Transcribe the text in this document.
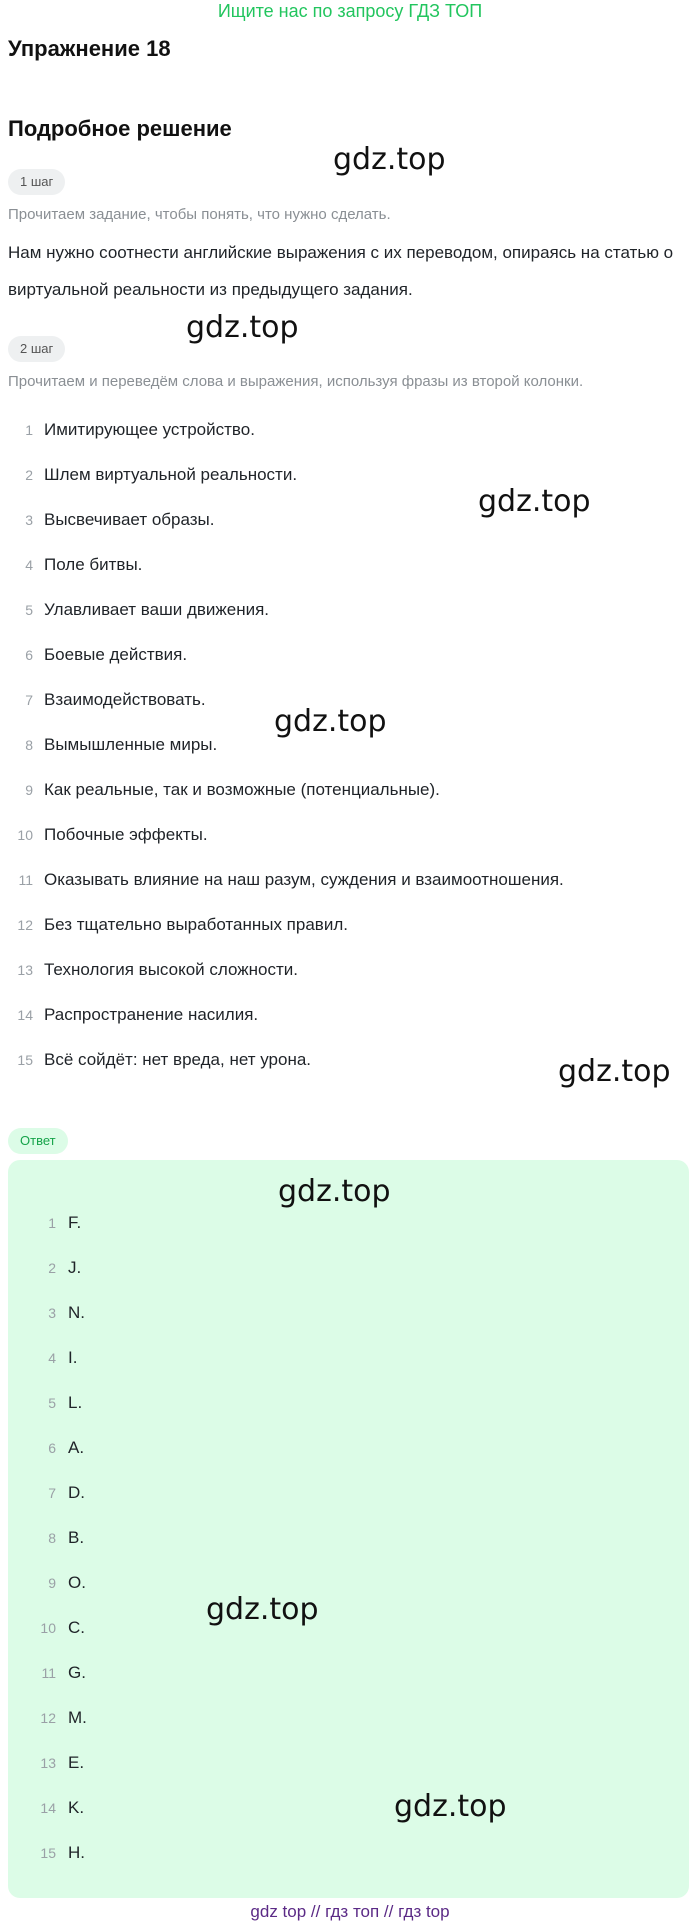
Ищите нас по запросу ГДЗ ТОП
Упражнение 18
Подробное решение
1 шаг
Прочитаем задание, чтобы понять, что нужно сделать.
Нам нужно соотнести английские выражения с их переводом, опираясь на статью о виртуальной реальности из предыдущего задания.
2 шаг
Прочитаем и переведём слова и выражения, используя фразы из второй колонки.
1 Имитирующее устройство.
2 Шлем виртуальной реальности.
3 Высвечивает образы.
4 Поле битвы.
5 Улавливает ваши движения.
6 Боевые действия.
7 Взаимодействовать.
8 Вымышленные миры.
9 Как реальные, так и возможные (потенциальные).
10 Побочные эффекты.
11 Оказывать влияние на наш разум, суждения и взаимоотношения.
12 Без тщательно выработанных правил.
13 Технология высокой сложности.
14 Распространение насилия.
15 Всё сойдёт: нет вреда, нет урона.
Ответ
1 F.
2 J.
3 N.
4 I.
5 L.
6 A.
7 D.
8 B.
9 O.
10 C.
11 G.
12 M.
13 E.
14 K.
15 H.
gdz.top
gdz.top
gdz.top
gdz.top
gdz.top
gdz.top
gdz.top
gdz.top
gdz top // гдз топ // гдз top
